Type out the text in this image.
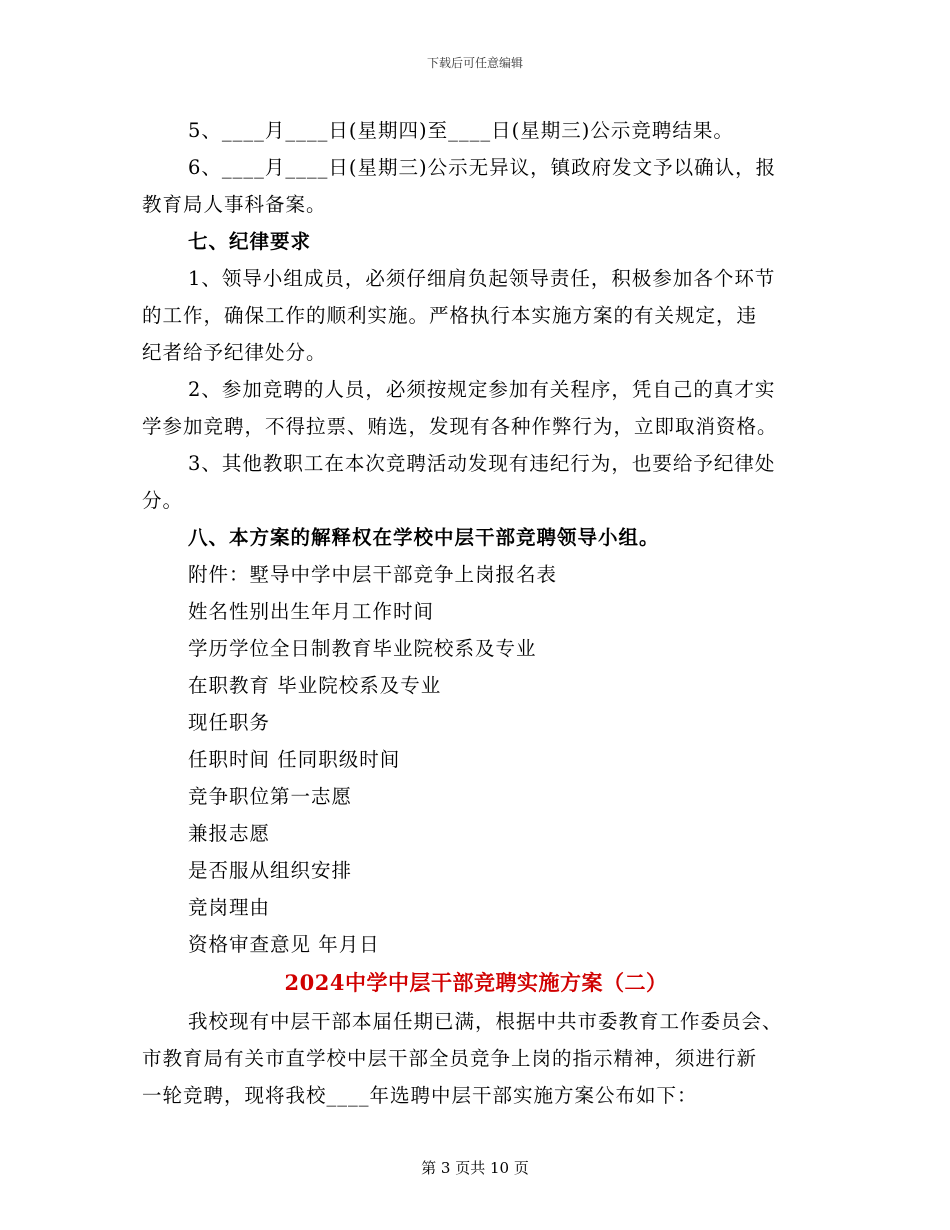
下载后可任意编辑
5、____月____日(星期四)至____日(星期三)公示竞聘结果。
6、____月____日(星期三)公示无异议，镇政府发文予以确认，报
教育局人事科备案。
七、纪律要求
1、领导小组成员，必须仔细肩负起领导责任，积极参加各个环节
的工作，确保工作的顺利实施。严格执行本实施方案的有关规定，违
纪者给予纪律处分。
2、参加竞聘的人员，必须按规定参加有关程序，凭自己的真才实
学参加竞聘，不得拉票、贿选，发现有各种作弊行为，立即取消资格。
3、其他教职工在本次竞聘活动发现有违纪行为，也要给予纪律处
分。
八、本方案的解释权在学校中层干部竞聘领导小组。
附件：墅导中学中层干部竞争上岗报名表
姓名性别出生年月工作时间
学历学位全日制教育毕业院校系及专业
在职教育 毕业院校系及专业
现任职务
任职时间 任同职级时间
竞争职位第一志愿
兼报志愿
是否服从组织安排
竞岗理由
资格审查意见 年月日
2024中学中层干部竞聘实施方案（二）
我校现有中层干部本届任期已满，根据中共市委教育工作委员会、
市教育局有关市直学校中层干部全员竞争上岗的指示精神，须进行新
一轮竞聘，现将我校____年选聘中层干部实施方案公布如下：
第 3 页共 10 页
